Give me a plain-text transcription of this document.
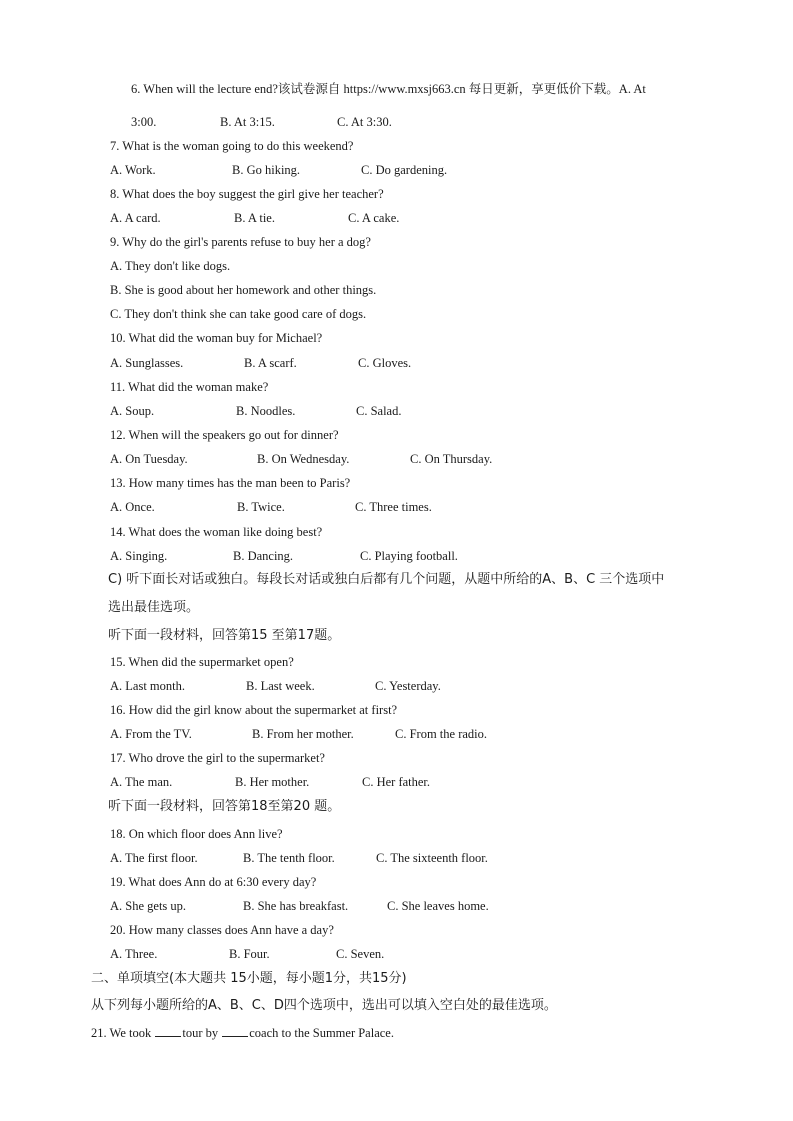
6. When will the lecture end?该试卷源自 https://www.mxsj663.cn 每日更新，享更低价下载。A. At
3:00.	B. At 3:15.	C. At 3:30.
7. What is the woman going to do this weekend?
A. Work.	B. Go hiking.	C. Do gardening.
8. What does the boy suggest the girl give her teacher?
A. A card.	B. A tie.	C. A cake.
9. Why do the girl's parents refuse to buy her a dog?
A. They don't like dogs.
B. She is good about her homework and other things.
C. They don't think she can take good care of dogs.
10. What did the woman buy for Michael?
A. Sunglasses.	B. A scarf.	C. Gloves.
11. What did the woman make?
A. Soup.	B. Noodles.	C. Salad.
12. When will the speakers go out for dinner?
A. On Tuesday.	B. On Wednesday.	C. On Thursday.
13. How many times has the man been to Paris?
A. Once.	B. Twice.	C. Three times.
14. What does the woman like doing best?
A. Singing.	B. Dancing.	C. Playing football.
C) 听下面长对话或独白。每段长对话或独白后都有几个问题，从题中所给的A、B、C 三个选项中
选出最佳选项。
听下面一段材料，回答第15 至第17题。
15. When did the supermarket open?
A. Last month.	B. Last week.	C. Yesterday.
16. How did the girl know about the supermarket at first?
A. From the TV.	B. From her mother.	C. From the radio.
17. Who drove the girl to the supermarket?
A. The man.	B. Her mother.	C. Her father.
听下面一段材料，回答第18至第20 题。
18. On which floor does Ann live?
A. The first floor.	B. The tenth floor.	C. The sixteenth floor.
19. What does Ann do at 6:30 every day?
A. She gets up.	B. She has breakfast.	C. She leaves home.
20. How many classes does Ann have a day?
A. Three.	B. Four.	C. Seven.
二、单项填空(本大题共 15小题，每小题1分，共15分)
从下列每小题所给的A、B、C、D四个选项中，选出可以填入空白处的最佳选项。
21. We took tour by coach to the Summer Palace.
